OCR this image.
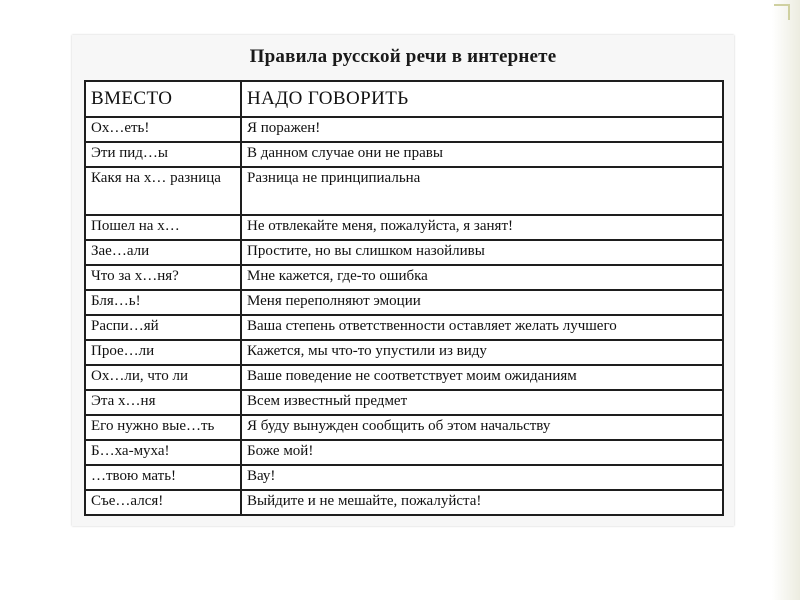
Правила русской речи в интернете
ВМЕСТО	НАДО ГОВОРИТЬ
Ох…еть!	Я поражен!
Эти пид…ы	В данном случае они не правы
Какя на х… разница	Разница не принципиальна
Пошел на х…	Не отвлекайте меня, пожалуйста, я занят!
Зае…али	Простите, но вы слишком назойливы
Что за х…ня?	Мне кажется, где-то ошибка
Бля…ь!	Меня переполняют эмоции
Распи…яй	Ваша степень ответственности оставляет желать лучшего
Прое…ли	Кажется, мы что-то упустили из виду
Ох…ли, что ли	Ваше поведение не соответствует моим ожиданиям
Эта х…ня	Всем известный предмет
Его нужно вые…ть	Я буду вынужден сообщить об этом начальству
Б…ха-муха!	Боже мой!
…твою мать!	Вау!
Съе…ался!	Выйдите и не мешайте, пожалуйста!
